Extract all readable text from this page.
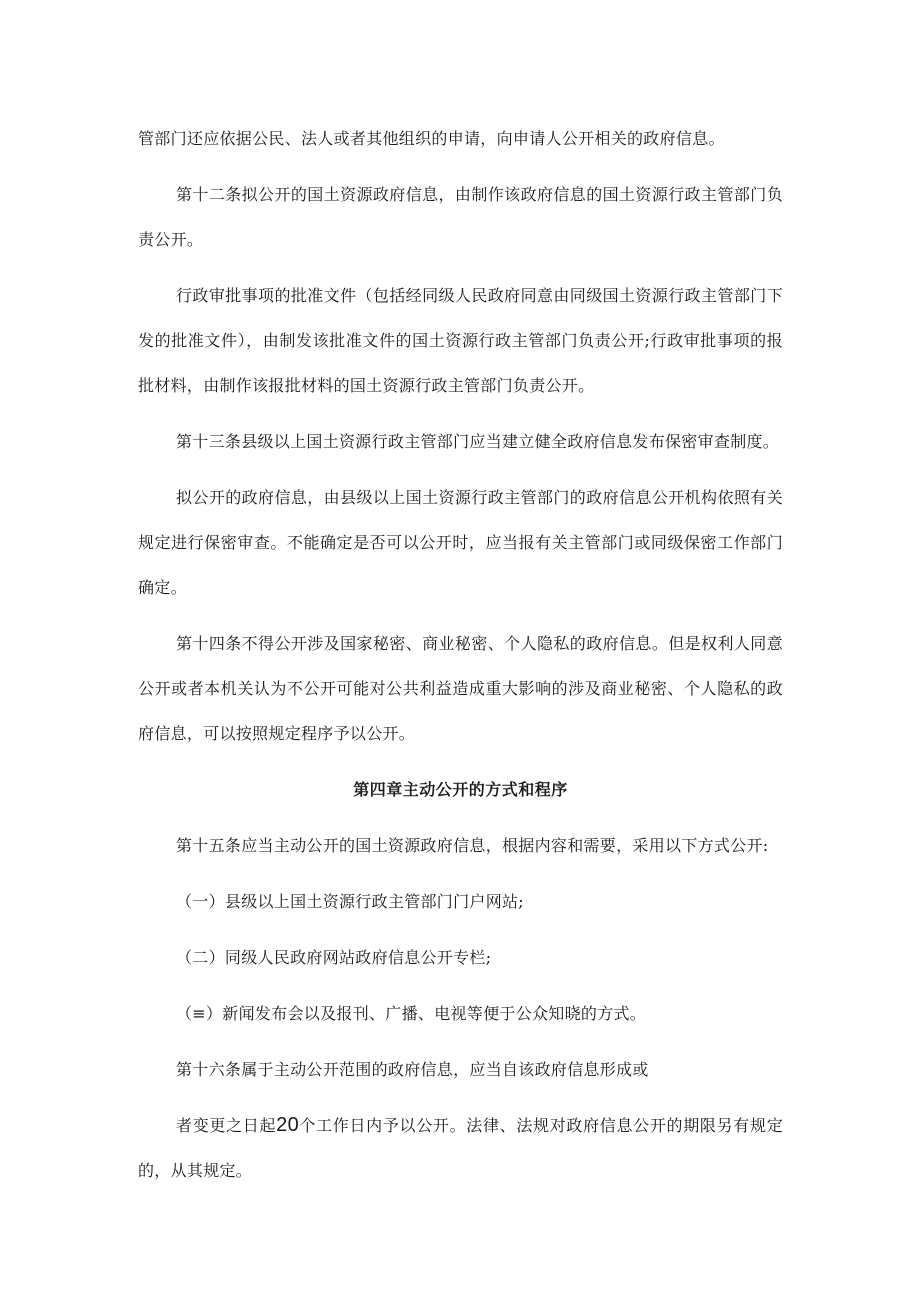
管部门还应依据公民、法人或者其他组织的申请，向申请人公开相关的政府信息。

第十二条拟公开的国土资源政府信息，由制作该政府信息的国土资源行政主管部门负责公开。

行政审批事项的批准文件（包括经同级人民政府同意由同级国土资源行政主管部门下发的批准文件），由制发该批准文件的国土资源行政主管部门负责公开;行政审批事项的报批材料，由制作该报批材料的国土资源行政主管部门负责公开。

第十三条县级以上国土资源行政主管部门应当建立健全政府信息发布保密审查制度。

拟公开的政府信息，由县级以上国土资源行政主管部门的政府信息公开机构依照有关规定进行保密审查。不能确定是否可以公开时，应当报有关主管部门或同级保密工作部门确定。

第十四条不得公开涉及国家秘密、商业秘密、个人隐私的政府信息。但是权利人同意公开或者本机关认为不公开可能对公共利益造成重大影响的涉及商业秘密、个人隐私的政府信息，可以按照规定程序予以公开。

第四章主动公开的方式和程序

第十五条应当主动公开的国土资源政府信息，根据内容和需要，采用以下方式公开:

（一）县级以上国土资源行政主管部门门户网站;

（二）同级人民政府网站政府信息公开专栏;

（≡）新闻发布会以及报刊、广播、电视等便于公众知晓的方式。

第十六条属于主动公开范围的政府信息，应当自该政府信息形成或

者变更之日起20个工作日内予以公开。法律、法规对政府信息公开的期限另有规定的，从其规定。
